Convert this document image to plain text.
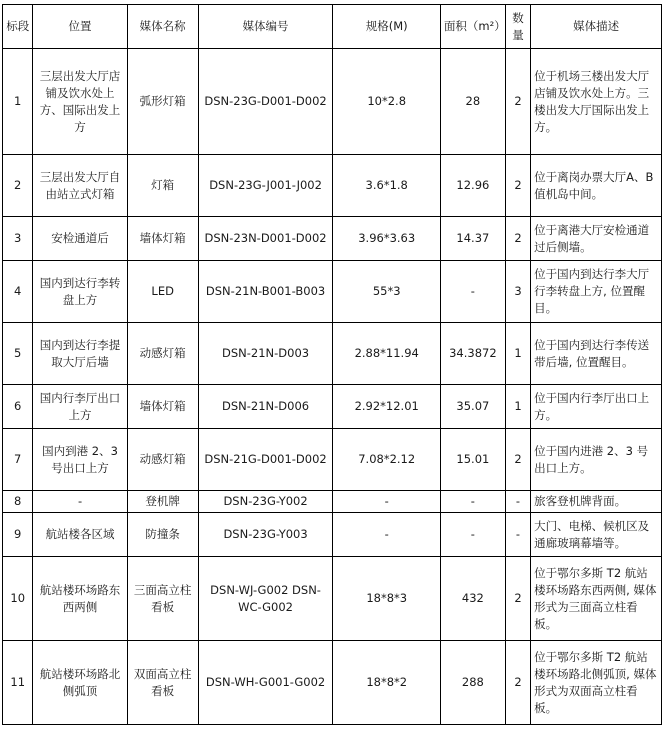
标段	位置	媒体名称	媒体编号	规格(M)	面积（m²）	数量	媒体描述
1	三层出发大厅店铺及饮水处上方、国际出发上方	弧形灯箱	DSN-23G-D001-D002	10*2.8	28	2	位于机场三楼出发大厅店铺及饮水处上方。三楼出发大厅国际出发上方。
2	三层出发大厅自由站立式灯箱	灯箱	DSN-23G-J001-J002	3.6*1.8	12.96	2	位于离岗办票大厅A、B 值机岛中间。
3	安检通道后	墙体灯箱	DSN-23N-D001-D002	3.96*3.63	14.37	2	位于离港大厅安检通道过后侧墙。
4	国内到达行李转盘上方	LED	DSN-21N-B001-B003	55*3	-	3	位于国内到达行李大厅行李转盘上方, 位置醒目。
5	国内到达行李提取大厅后墙	动感灯箱	DSN-21N-D003	2.88*11.94	34.3872	1	位于国内到达行李传送带后墙, 位置醒目。
6	国内行李厅出口上方	墙体灯箱	DSN-21N-D006	2.92*12.01	35.07	1	位于国内行李厅出口上方。
7	国内到港 2、3 号出口上方	动感灯箱	DSN-21G-D001-D002	7.08*2.12	15.01	2	位于国内进港 2、3 号出口上方。
8	-	登机牌	DSN-23G-Y002	-	-	-	旅客登机牌背面。
9	航站楼各区域	防撞条	DSN-23G-Y003	-	-	-	大门、电梯、候机区及通廊玻璃幕墙等。
10	航站楼环场路东西两侧	三面高立柱看板	DSN-WJ-G002 DSN-WC-G002	18*8*3	432	2	位于鄂尔多斯 T2 航站楼环场路东西两侧, 媒体形式为三面高立柱看板。
11	航站楼环场路北侧弧顶	双面高立柱看板	DSN-WH-G001-G002	18*8*2	288	2	位于鄂尔多斯 T2 航站楼环场路北侧弧顶, 媒体形式为双面高立柱看板。
